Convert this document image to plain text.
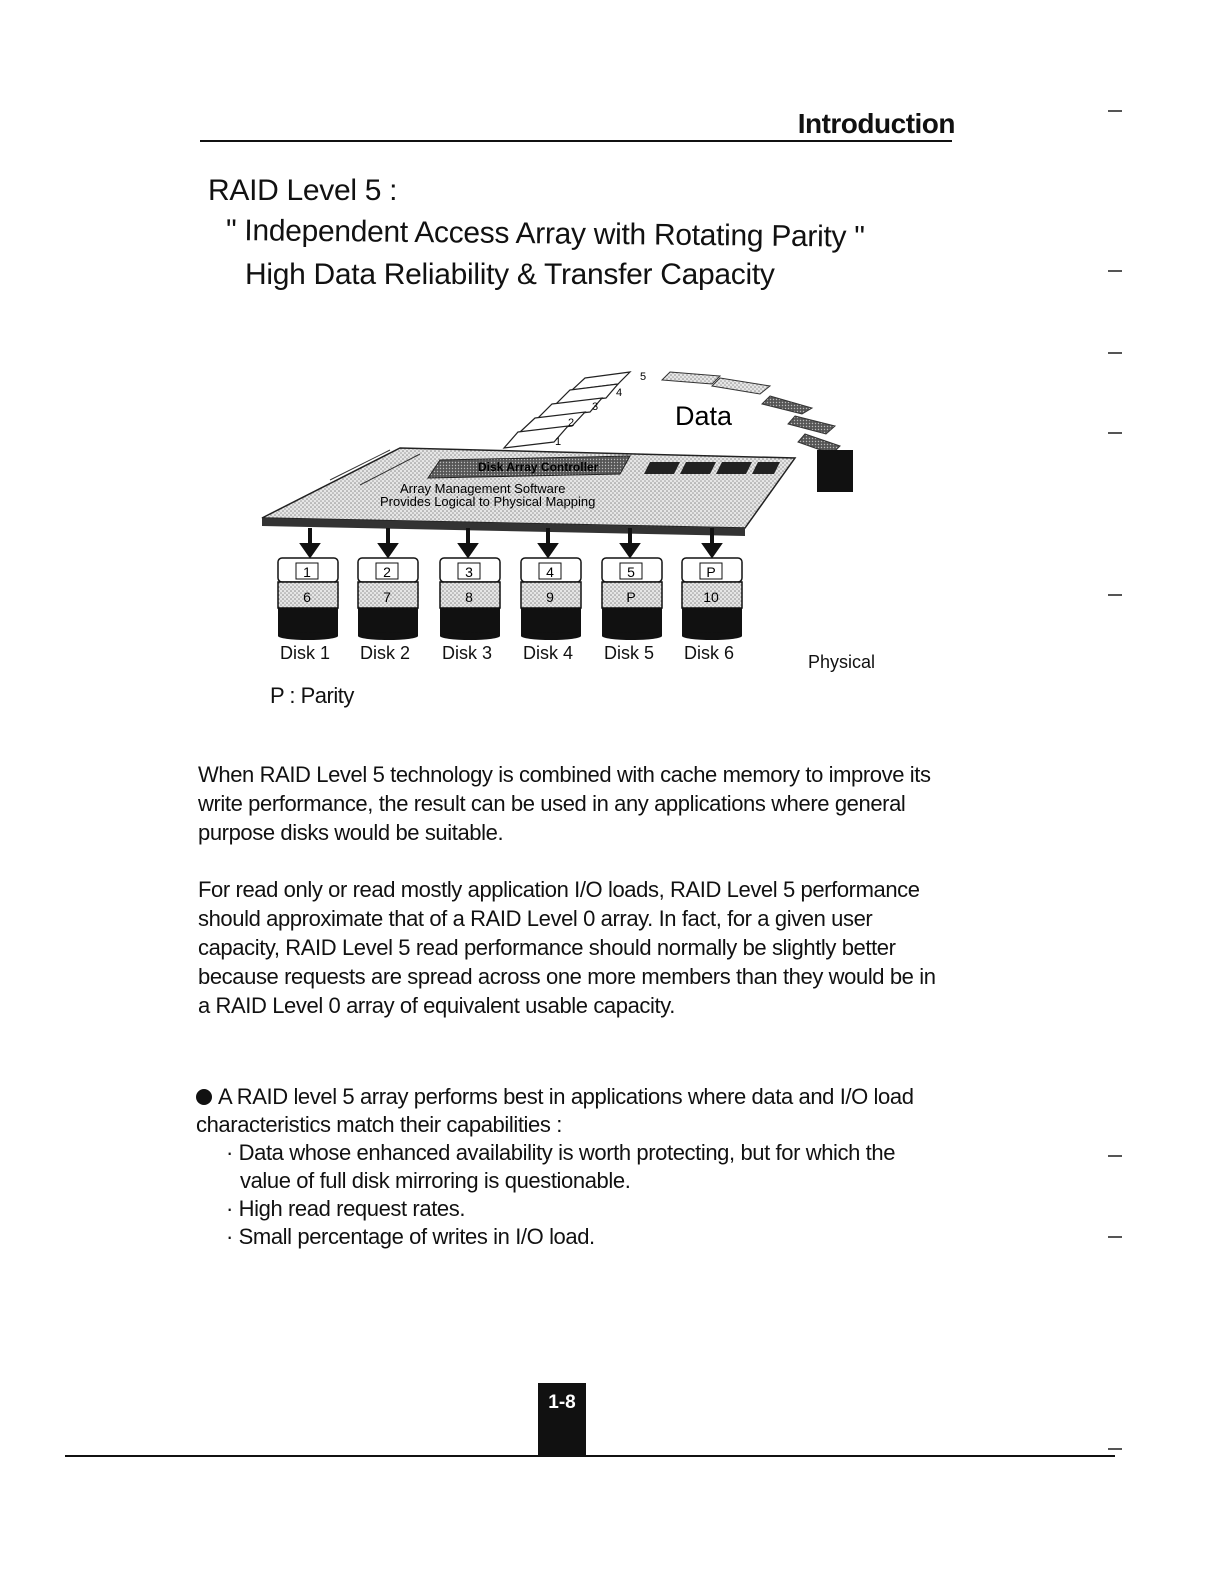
Introduction
RAID Level 5 :
" Independent Access Array with Rotating Parity "
High Data Reliability & Transfer Capacity
5
4
3
2
1
Data
Disk Array Controller
Array Management Software
Provides Logical to Physical Mapping
1
6
Disk 1
2
7
Disk 2
3
8
Disk 3
4
9
Disk 4
5
P
Disk 5
P
10
Disk 6	Physical
P : Parity
When RAID Level 5 technology is combined with cache memory to improve its write performance, the result can be used in any applications where general purpose disks would be suitable.
For read only or read mostly application I/O loads, RAID Level 5 performance should approximate that of a RAID Level 0 array. In fact, for a given user capacity, RAID Level 5 read performance should normally be slightly better because requests are spread across one more members than they would be in a RAID Level 0 array of equivalent usable capacity.
A RAID level 5 array performs best in applications where data and I/O load characteristics match their capabilities :
· Data whose enhanced availability is worth protecting, but for which the value of full disk mirroring is questionable.
· High read request rates.
· Small percentage of writes in I/O load.
1-8
